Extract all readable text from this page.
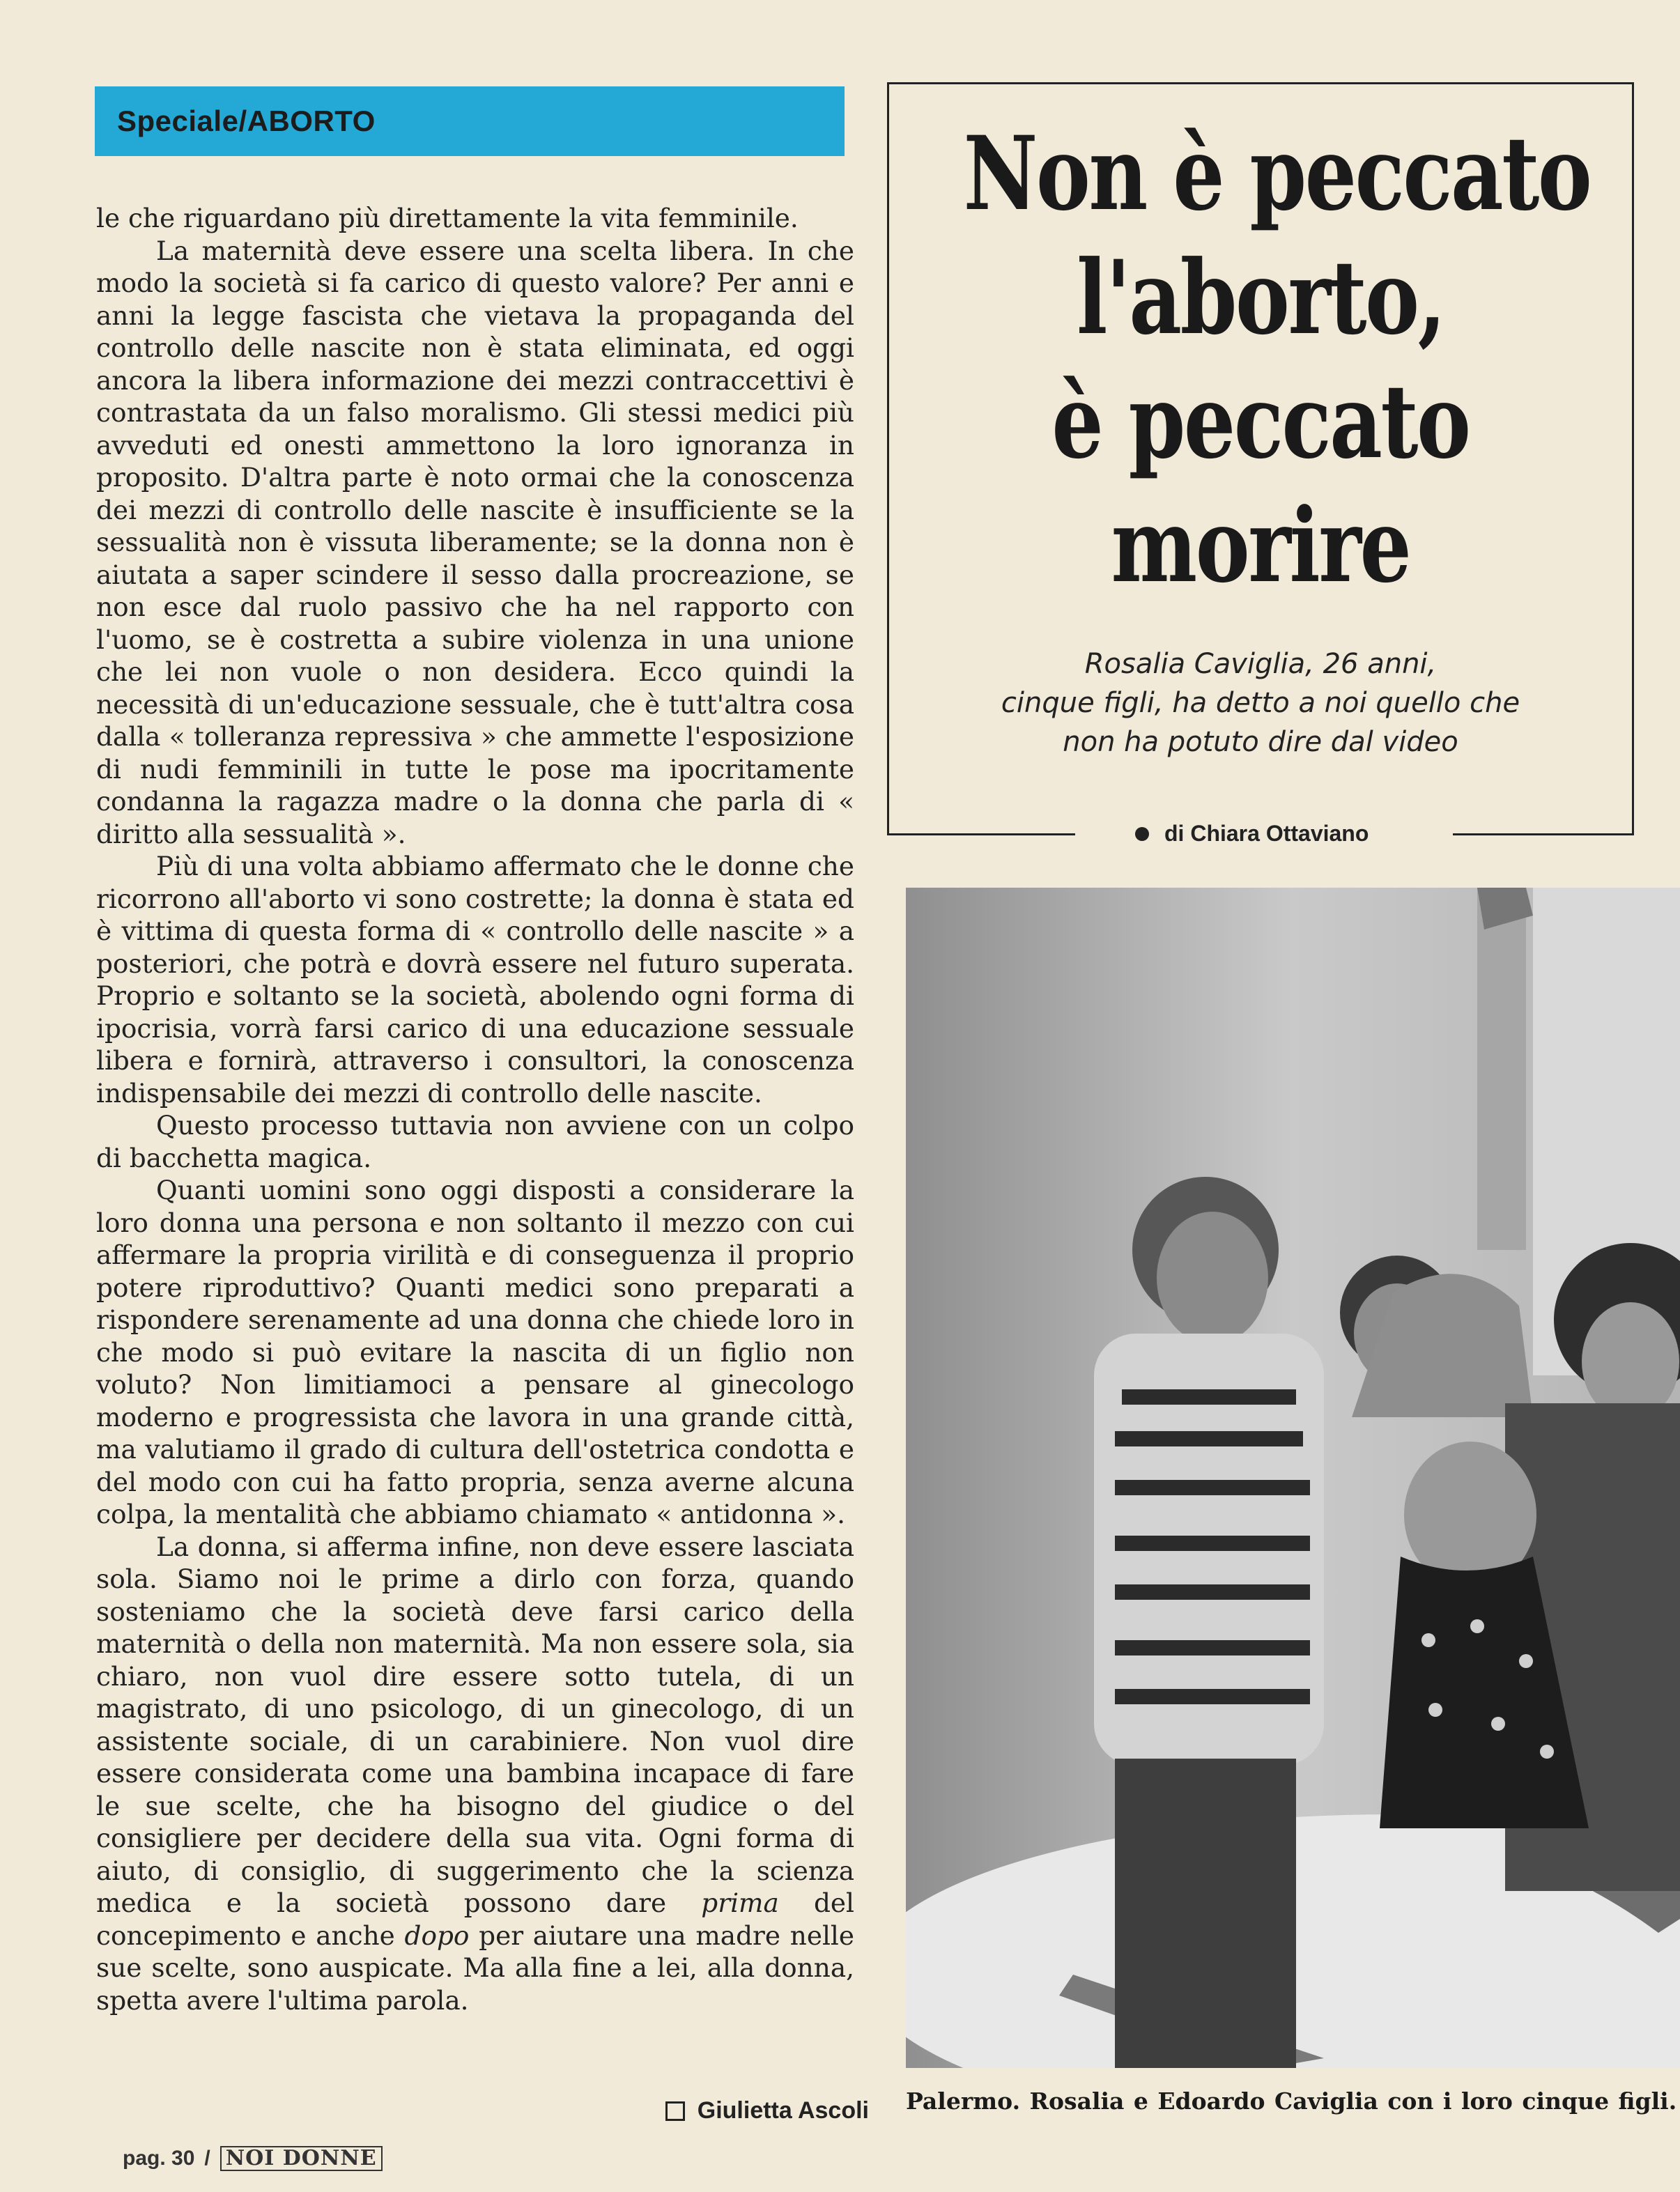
Speciale/ABORTO

le che riguardano più direttamente la vita femminile.

La maternità deve essere una scelta libera. In che modo la società si fa carico di questo valore? Per anni e anni la legge fascista che vietava la propaganda del controllo delle nascite non è stata eliminata, ed oggi ancora la libera informazione dei mezzi contraccettivi è contrastata da un falso moralismo. Gli stessi medici più avveduti ed onesti ammettono la loro ignoranza in proposito. D'altra parte è noto ormai che la conoscenza dei mezzi di controllo delle nascite è insufficiente se la sessualità non è vissuta liberamente; se la donna non è aiutata a saper scindere il sesso dalla procreazione, se non esce dal ruolo passivo che ha nel rapporto con l'uomo, se è costretta a subire violenza in una unione che lei non vuole o non desidera. Ecco quindi la necessità di un'educazione sessuale, che è tutt'altra cosa dalla « tolleranza repressiva » che ammette l'esposizione di nudi femminili in tutte le pose ma ipocritamente condanna la ragazza madre o la donna che parla di « diritto alla sessualità ».

Più di una volta abbiamo affermato che le donne che ricorrono all'aborto vi sono costrette; la donna è stata ed è vittima di questa forma di « controllo delle nascite » a posteriori, che potrà e dovrà essere nel futuro superata. Proprio e soltanto se la società, abolendo ogni forma di ipocrisia, vorrà farsi carico di una educazione sessuale libera e fornirà, attraverso i consultori, la conoscenza indispensabile dei mezzi di controllo delle nascite.

Questo processo tuttavia non avviene con un colpo di bacchetta magica.

Quanti uomini sono oggi disposti a considerare la loro donna una persona e non soltanto il mezzo con cui affermare la propria virilità e di conseguenza il proprio potere riproduttivo? Quanti medici sono preparati a rispondere serenamente ad una donna che chiede loro in che modo si può evitare la nascita di un figlio non voluto? Non limitiamoci a pensare al ginecologo moderno e progressista che lavora in una grande città, ma valutiamo il grado di cultura dell'ostetrica condotta e del modo con cui ha fatto propria, senza averne alcuna colpa, la mentalità che abbiamo chiamato « antidonna ».

La donna, si afferma infine, non deve essere lasciata sola. Siamo noi le prime a dirlo con forza, quando sosteniamo che la società deve farsi carico della maternità o della non maternità. Ma non essere sola, sia chiaro, non vuol dire essere sotto tutela, di un magistrato, di uno psicologo, di un ginecologo, di un assistente sociale, di un carabiniere. Non vuol dire essere considerata come una bambina incapace di fare le sue scelte, che ha bisogno del giudice o del consigliere per decidere della sua vita. Ogni forma di aiuto, di consiglio, di suggerimento che la scienza medica e la società possono dare prima del concepimento e anche dopo per aiutare una madre nelle sue scelte, sono auspicate. Ma alla fine a lei, alla donna, spetta avere l'ultima parola.

Giulietta Ascoli
Non è peccato
l'aborto,
è peccato
morire
Rosalia Caviglia, 26 anni,
cinque figli, ha detto a noi quello che
non ha potuto dire dal video
di Chiara Ottaviano
Palermo. Rosalia e Edoardo Caviglia con i loro cinque figli.
pag. 30 / NOI DONNE
